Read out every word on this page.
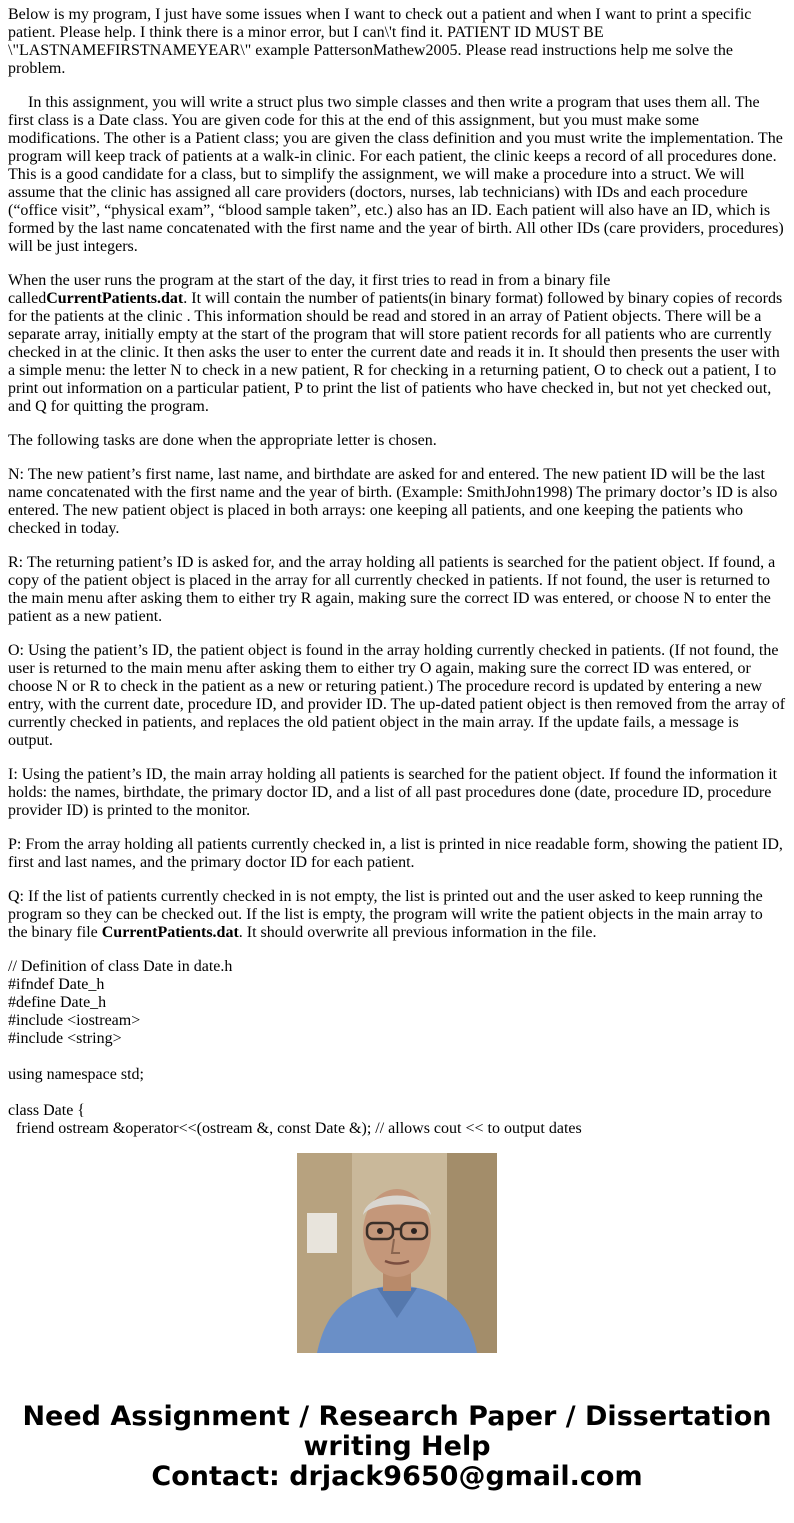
Below is my program, I just have some issues when I want to check out a patient and when I want to print a specific patient. Please help. I think there is a minor error, but I can\'t find it. PATIENT ID MUST BE \"LASTNAMEFIRSTNAMEYEAR\" example PattersonMathew2005. Please read instructions help me solve the problem.

In this assignment, you will write a struct plus two simple classes and then write a program that uses them all. The first class is a Date class. You are given code for this at the end of this assignment, but you must make some modifications. The other is a Patient class; you are given the class definition and you must write the implementation. The program will keep track of patients at a walk-in clinic. For each patient, the clinic keeps a record of all procedures done. This is a good candidate for a class, but to simplify the assignment, we will make a procedure into a struct. We will assume that the clinic has assigned all care providers (doctors, nurses, lab technicians) with IDs and each procedure (“office visit”, “physical exam”, “blood sample taken”, etc.) also has an ID. Each patient will also have an ID, which is formed by the last name concatenated with the first name and the year of birth. All other IDs (care providers, procedures) will be just integers.

When the user runs the program at the start of the day, it first tries to read in from a binary file calledCurrentPatients.dat. It will contain the number of patients(in binary format) followed by binary copies of records for the patients at the clinic . This information should be read and stored in an array of Patient objects. There will be a separate array, initially empty at the start of the program that will store patient records for all patients who are currently checked in at the clinic. It then asks the user to enter the current date and reads it in. It should then presents the user with a simple menu: the letter N to check in a new patient, R for checking in a returning patient, O to check out a patient, I to print out information on a particular patient, P to print the list of patients who have checked in, but not yet checked out, and Q for quitting the program.

The following tasks are done when the appropriate letter is chosen.

N: The new patient’s first name, last name, and birthdate are asked for and entered. The new patient ID will be the last name concatenated with the first name and the year of birth. (Example: SmithJohn1998) The primary doctor’s ID is also entered. The new patient object is placed in both arrays: one keeping all patients, and one keeping the patients who checked in today.

R: The returning patient’s ID is asked for, and the array holding all patients is searched for the patient object. If found, a copy of the patient object is placed in the array for all currently checked in patients. If not found, the user is returned to the main menu after asking them to either try R again, making sure the correct ID was entered, or choose N to enter the patient as a new patient.

O: Using the patient’s ID, the patient object is found in the array holding currently checked in patients. (If not found, the user is returned to the main menu after asking them to either try O again, making sure the correct ID was entered, or choose N or R to check in the patient as a new or returing patient.) The procedure record is updated by entering a new entry, with the current date, procedure ID, and provider ID. The up-dated patient object is then removed from the array of currently checked in patients, and replaces the old patient object in the main array. If the update fails, a message is output.

I: Using the patient’s ID, the main array holding all patients is searched for the patient object. If found the information it holds: the names, birthdate, the primary doctor ID, and a list of all past procedures done (date, procedure ID, procedure provider ID) is printed to the monitor.

P: From the array holding all patients currently checked in, a list is printed in nice readable form, showing the patient ID, first and last names, and the primary doctor ID for each patient.

Q: If the list of patients currently checked in is not empty, the list is printed out and the user asked to keep running the program so they can be checked out. If the list is empty, the program will write the patient objects in the main array to the binary file CurrentPatients.dat. It should overwrite all previous information in the file.

// Definition of class Date in date.h
#ifndef Date_h
#define Date_h
#include <iostream>
#include <string>
using namespace std;
class Date {
friend ostream &operator<<(ostream &, const Date &); // allows cout << to output dates
Need Assignment / Research Paper / Dissertation
writing Help
Contact: drjack9650@gmail.com
